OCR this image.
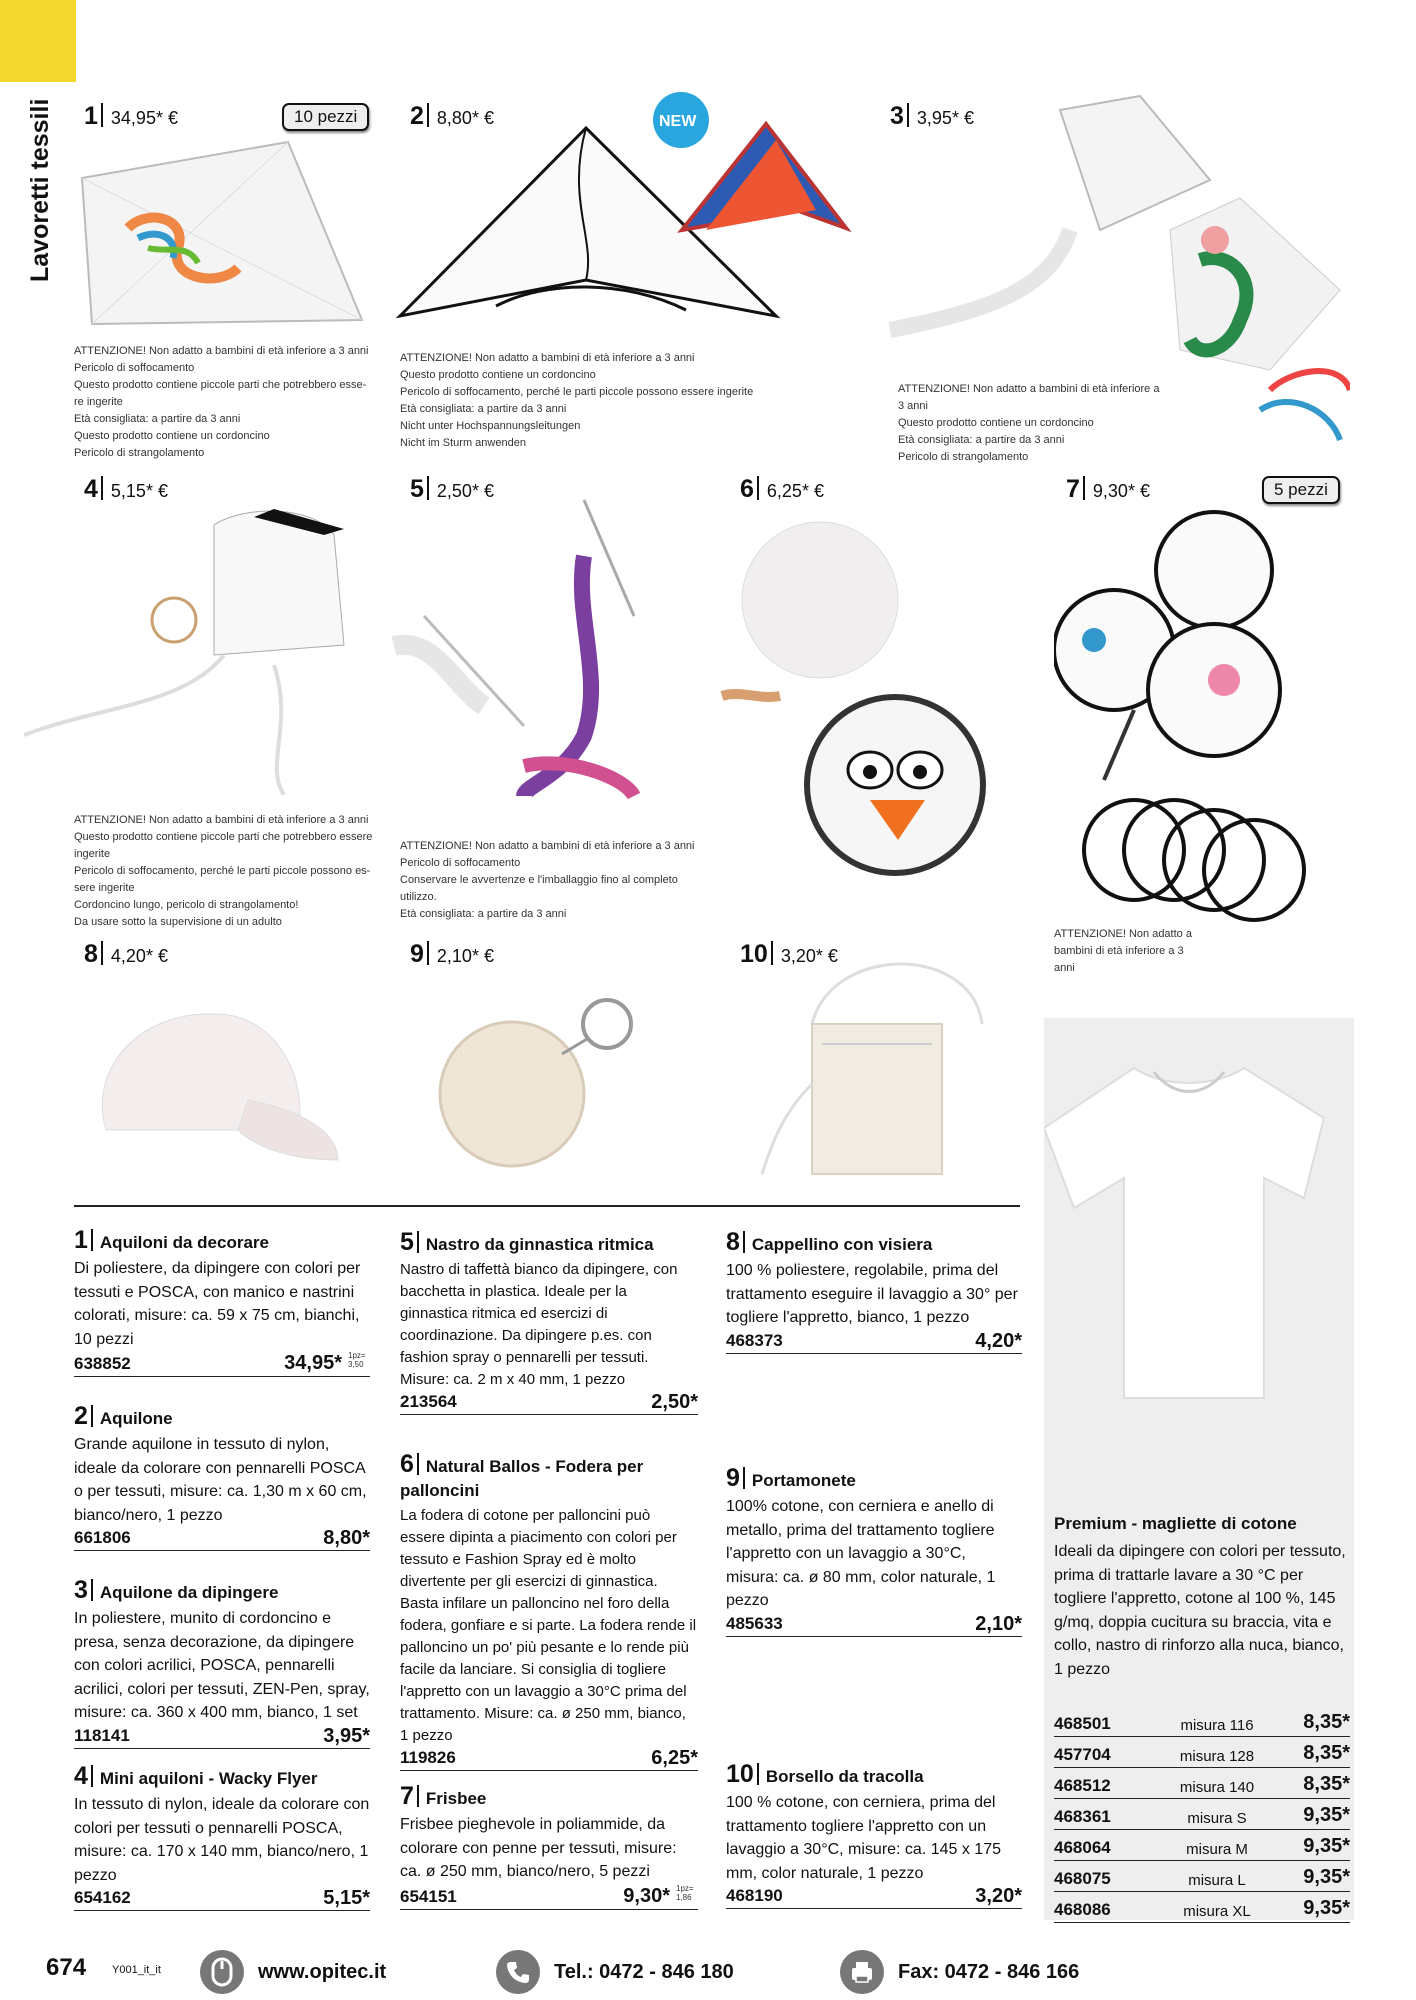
Lavoretti tessili 1 34,95* €	10 pezzi	2 8,80* €	3 3,95* €
4 5,15* €	5 2,50* €	6 6,25* €	7 9,30* €	5 pezzi
8 4,20* €	9 2,10* €	10 3,20* €
NEW
ATTENZIONE! Non adatto a bambini di età inferiore a 3 anni
Pericolo di soffocamento
Questo prodotto contiene piccole parti che potrebbero esse-
re ingerite
Età consigliata: a partire da 3 anni
Questo prodotto contiene un cordoncino
Pericolo di strangolamento
ATTENZIONE! Non adatto a bambini di età inferiore a 3 anni
Questo prodotto contiene un cordoncino
Pericolo di soffocamento, perché le parti piccole possono essere ingerite
Età consigliata: a partire da 3 anni
Nicht unter Hochspannungsleitungen
Nicht im Sturm anwenden
ATTENZIONE! Non adatto a bambini di età inferiore a
3 anni
Questo prodotto contiene un cordoncino
Età consigliata: a partire da 3 anni
Pericolo di strangolamento
ATTENZIONE! Non adatto a bambini di età inferiore a 3 anni
Questo prodotto contiene piccole parti che potrebbero essere
ingerite
Pericolo di soffocamento, perché le parti piccole possono es-
sere ingerite
Cordoncino lungo, pericolo di strangolamento!
Da usare sotto la supervisione di un adulto
ATTENZIONE! Non adatto a bambini di età inferiore a 3 anni
Pericolo di soffocamento
Conservare le avvertenze e l'imballaggio fino al completo
utilizzo.
Età consigliata: a partire da 3 anni
ATTENZIONE! Non adatto a
bambini di età inferiore a 3
anni
1 Aquiloni da decorare

Di poliestere, da dipingere con colori per tessuti e POSCA, con manico e nastrini colorati, misure: ca. 59 x 75 cm, bianchi, 10 pezzi

638852	34,95* 1pz= 3,50
2 Aquilone

Grande aquilone in tessuto di nylon, ideale da colorare con pennarelli POSCA o per tessuti, misure: ca. 1,30 m x 60 cm, bianco/nero, 1 pezzo

661806	8,80*
3 Aquilone da dipingere

In poliestere, munito di cordoncino e presa, senza decorazione, da dipingere con colori acrilici, POSCA, pennarelli acrilici, colori per tessuti, ZEN-Pen, spray, misure: ca. 360 x 400 mm, bianco, 1 set

118141	3,95*
4 Mini aquiloni - Wacky Flyer

In tessuto di nylon, ideale da colorare con colori per tessuti o pennarelli POSCA, misure: ca. 170 x 140 mm, bianco/nero, 1 pezzo

654162	5,15*
5 Nastro da ginnastica ritmica

Nastro di taffettà bianco da dipingere, con bacchetta in plastica. Ideale per la ginnastica ritmica ed esercizi di coordinazione. Da dipingere p.es. con fashion spray o pennarelli per tessuti. Misure: ca. 2 m x 40 mm, 1 pezzo

213564	2,50*
6 Natural Ballos - Fodera per palloncini

La fodera di cotone per palloncini può essere dipinta a piacimento con colori per tessuto e Fashion Spray ed è molto divertente per gli esercizi di ginnastica. Basta infilare un palloncino nel foro della fodera, gonfiare e si parte. La fodera rende il palloncino un po' più pesante e lo rende più facile da lanciare. Si consiglia di togliere l'appretto con un lavaggio a 30°C prima del trattamento. Misure: ca. ø 250 mm, bianco, 1 pezzo

119826	6,25*
7 Frisbee

Frisbee pieghevole in poliammide, da colorare con penne per tessuti, misure: ca. ø 250 mm, bianco/nero, 5 pezzi

654151	9,30* 1pz= 1,86
8 Cappellino con visiera

100 % poliestere, regolabile, prima del trattamento eseguire il lavaggio a 30° per togliere l'appretto, bianco, 1 pezzo

468373	4,20*
9 Portamonete

100% cotone, con cerniera e anello di metallo, prima del trattamento togliere l'appretto con un lavaggio a 30°C, misura: ca. ø 80 mm, color naturale, 1 pezzo

485633	2,10*
10 Borsello da tracolla

100 % cotone, con cerniera, prima del trattamento togliere l'appretto con un lavaggio a 30°C, misure: ca. 145 x 175 mm, color naturale, 1 pezzo

468190	3,20*
Premium - magliette di cotone
Ideali da dipingere con colori per tessuto, prima di trattarle lavare a 30 °C per togliere l'appretto, cotone al 100 %, 145 g/mq, doppia cucitura su braccia, vita e collo, nastro di rinforzo alla nuca, bianco, 1 pezzo
468501	misura 116	8,35*
457704	misura 128	8,35*
468512	misura 140	8,35*
468361	misura S	9,35*
468064	misura M	9,35*
468075	misura L	9,35*
468086	misura XL	9,35*
674 Y001_it_it	www.opitec.it	Tel.: 0472 - 846 180	Fax: 0472 - 846 166
